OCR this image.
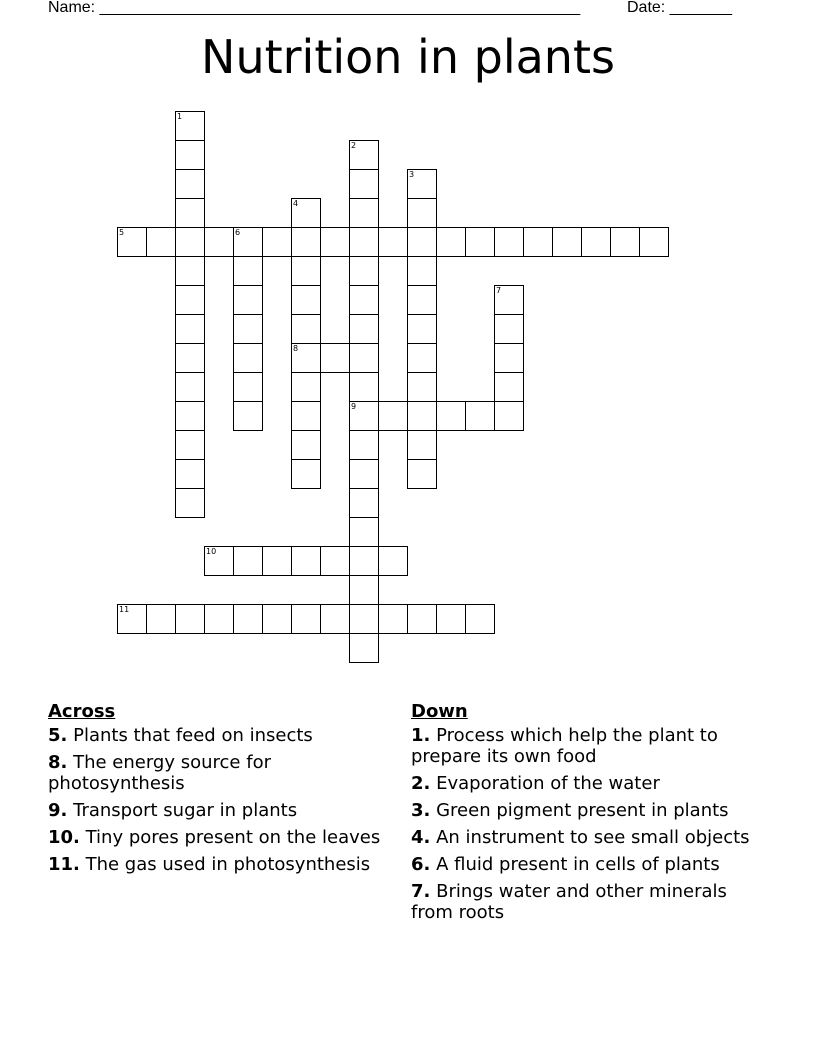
Name: ______________________________________________________	Date: _______
Nutrition in plants
5	6
8
9
10
11
1
2
3
4
7
Across
5. Plants that feed on insects
8. The energy source for photosynthesis
9. Transport sugar in plants
10. Tiny pores present on the leaves
11. The gas used in photosynthesis
Down
1. Process which help the plant to prepare its own food
2. Evaporation of the water
3. Green pigment present in plants
4. An instrument to see small objects
6. A fluid present in cells of plants
7. Brings water and other minerals from roots
